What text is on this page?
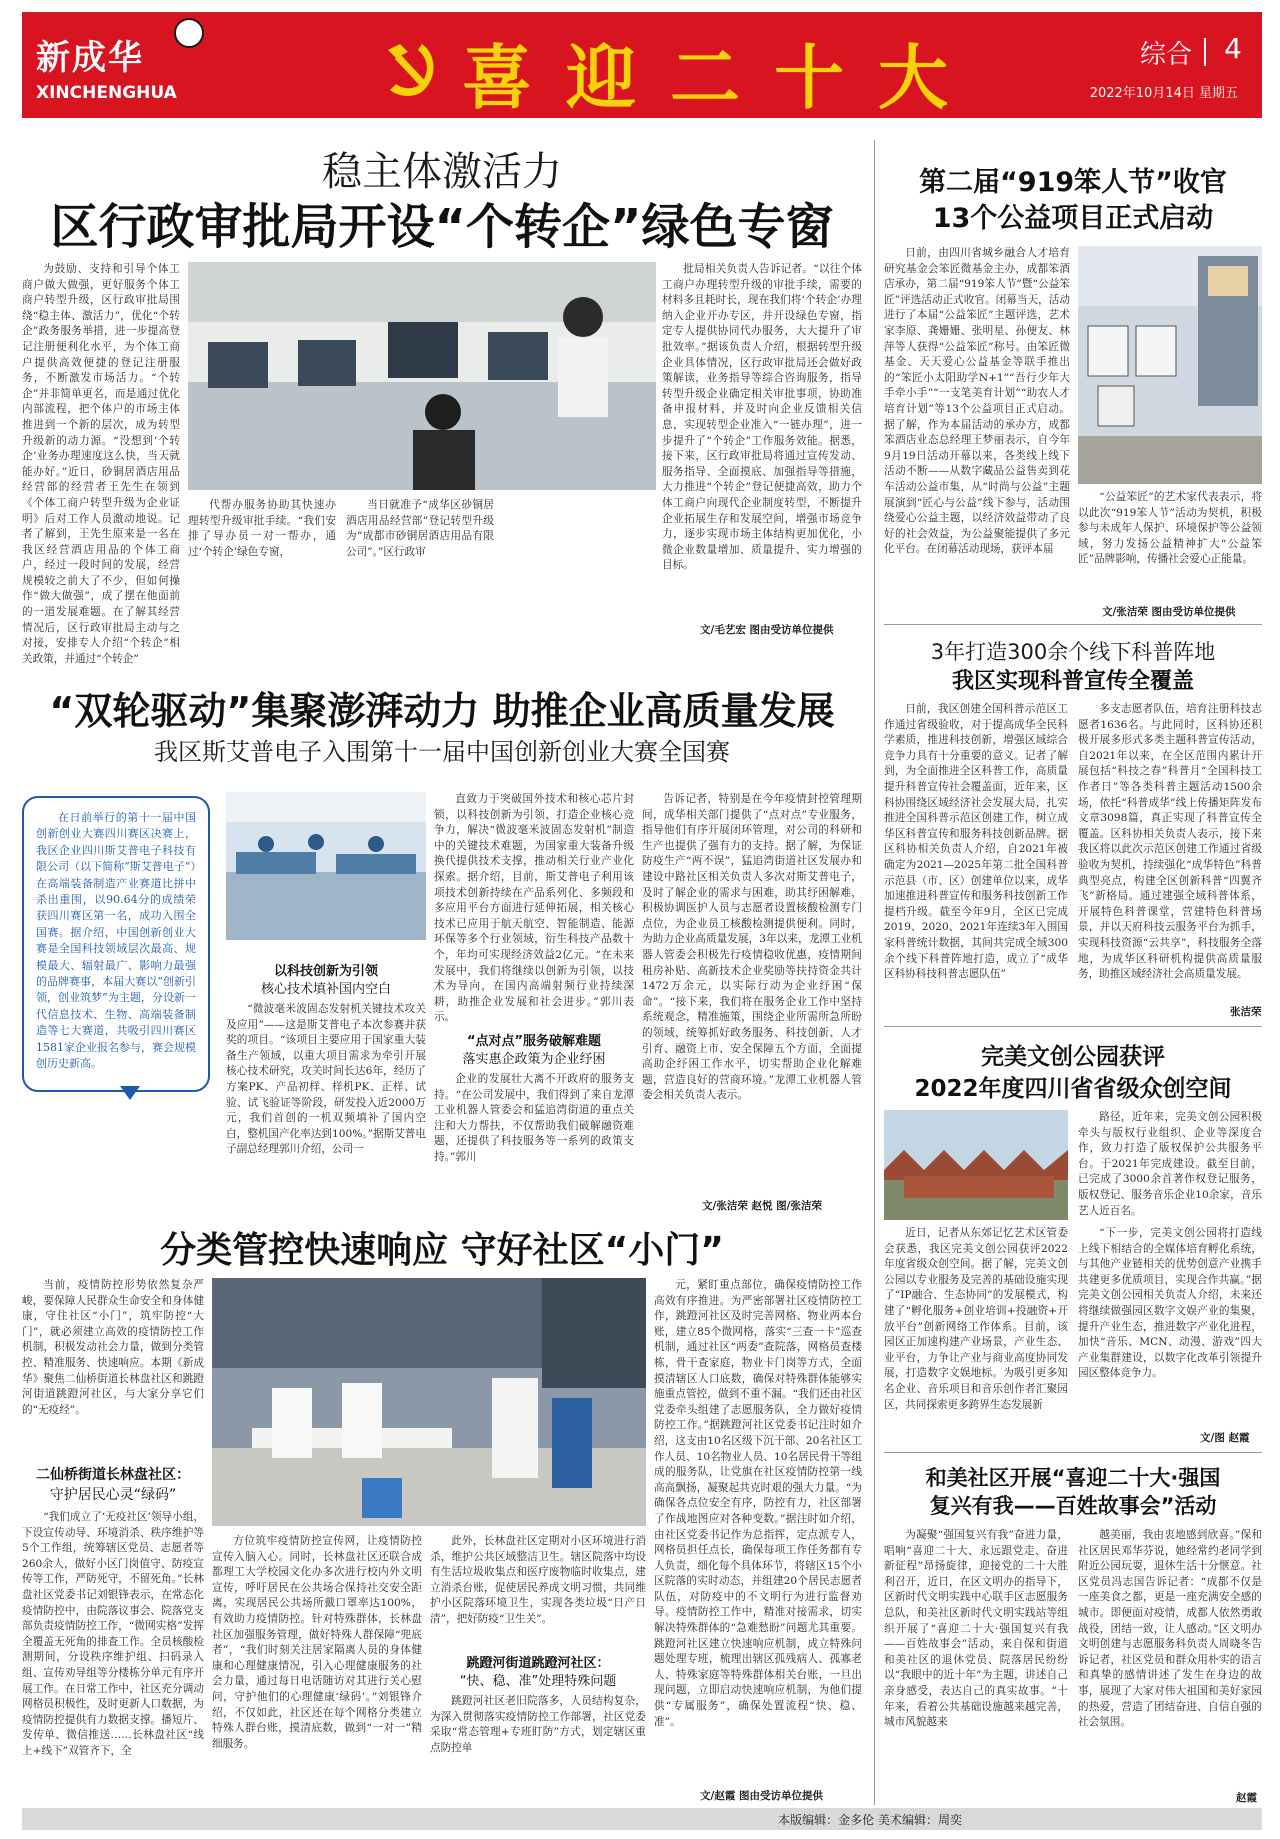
新成华
XINCHENGHUA	喜迎二十大	综合 4
2022年10月14日 星期五
稳主体激活力
区行政审批局开设“个转企”绿色专窗

为鼓励、支持和引导个体工商户做大做强，更好服务个体工商户转型升级，区行政审批局围绕“稳主体、激活力”，优化“个转企”政务服务举措，进一步提高登记注册便利化水平，为个体工商户提供高效便捷的登记注册服务，不断激发市场活力。“个转企”并非简单更名，而是通过优化内部流程，把个体户的市场主体推进到一个新的层次，成为转型升级新的动力源。“没想到‘个转企’业务办理速度这么快，当天就能办好。”近日，砂铜居酒店用品经营部的经营者王先生在领到《个体工商户转型升级为企业证明》后对工作人员激动地说。记者了解到，王先生原来是一名在我区经营酒店用品的个体工商户，经过一段时间的发展，经营规模较之前大了不少，但如何操作“做大做强”，成了摆在他面前的一道发展难题。在了解其经营情况后，区行政审批局主动与之对接，安排专人介绍“个转企”相关政策，并通过“个转企”

代帮办服务协助其快速办理转型升级审批手续。“我们安排了导办员一对一帮办，通过‘个转企’绿色专窗，

当日就准予“成华区砂铜居酒店用品经营部”登记转型升级为“成都市砂铜居酒店用品有限公司”。”区行政审

批局相关负责人告诉记者。“以往个体工商户办理转型升级的审批手续，需要的材料多且耗时长，现在我们将‘个转企’办理纳入企业开办专区，并开设绿色专窗，指定专人提供协同代办服务，大大提升了审批效率。”据该负责人介绍，根据转型升级企业具体情况，区行政审批局还会做好政策解读，业务指导等综合咨询服务，指导转型升级企业确定相关审批事项，协助准备申报材料，并及时向企业反馈相关信息，实现转型企业准入“一链办理”，进一步提升了“个转企”工作服务效能。据悉，接下来，区行政审批局将通过宣传发动、服务指导、全面摸底、加强指导等措施，大力推进“个转企”登记便捷高效，助力个体工商户向现代企业制度转型，不断提升企业拓展生存和发展空间，增强市场竞争力，逐步实现市场主体结构更加优化，小微企业数量增加、质量提升、实力增强的目标。

文/毛艺宏 图由受访单位提供
第二届“919笨人节”收官
13个公益项目正式启动

日前，由四川省城乡融合人才培育研究基金会笨匠微基金主办，成都笨酒店承办，第二届“919笨人节”暨“公益笨匠”评选活动正式收官。闭幕当天，活动进行了本届“公益笨匠”主题评选，艺术家李原、龚姗姗、张明星、孙便友、林萍等人获得“公益笨匠”称号。由笨匠微基金、天天爱心公益基金等联手推出的“笨匠小太阳助学N+1”“吾行少年大手牵小手”“一支笔美育计划”“助农人才培育计划”等13个公益项目正式启动。据了解，作为本届活动的承办方，成都笨酒店业态总经理王梦丽表示，自今年9月19日活动开幕以来，各类线上线下活动不断——从数字藏品公益售卖到花车活动公益市集，从“时尚与公益”主题展演到“匠心与公益”线下参与，活动围绕爱心公益主题，以经济效益带动了良好的社会效益，为公益聚能提供了多元化平台。在闭幕活动现场，获评本届

“公益笨匠”的艺术家代表表示，将以此次“919笨人节”活动为契机，积极参与未成年人保护、环境保护等公益领域，努力发扬公益精神扩大“公益笨匠”品牌影响，传播社会爱心正能量。

文/张洁荣 图由受访单位提供
3年打造300余个线下科普阵地
我区实现科普宣传全覆盖

日前，我区创建全国科普示范区工作通过省级验收，对于提高成华全民科学素质，推进科技创新，增强区域综合竞争力具有十分重要的意义。记者了解到，为全面推进全区科普工作，高质量提升科普宣传社会覆盖面，近年来，区科协围绕区域经济社会发展大局，扎实推进全国科普示范区创建工作，树立成华区科普宣传和服务科技创新品牌。据区科协相关负责人介绍，自2021年被确定为2021—2025年第二批全国科普示范县（市、区）创建单位以来，成华加速推进科普宣传和服务科技创新工作提档升级。截至今年9月，全区已完成2019、2020、2021年连续3年入围国家科普统计数据，其间共完成全域300余个线下科普阵地打造，成立了“成华区科协科技科普志愿队伍”

多支志愿者队伍，培育注册科技志愿者1636名。与此同时，区科协还积极开展多形式多类主题科普宣传活动，自2021年以来，在全区范围内累计开展包括“科技之春”科普月“全国科技工作者日”等各类科普主题活动1500余场，依托“科普成华”线上传播矩阵发布文章3098篇，真正实现了科普宣传全覆盖。区科协相关负责人表示，接下来我区将以此次示范区创建工作通过省级验收为契机，持续强化“成华特色”科普典型亮点，构建全区创新科普“四翼齐飞”新格局。通过建强全域科普体系，开展特色科普课堂，营建特色科普场景，并以天府科技云服务平台为抓手，实现科技资源“云共享”，科技服务全落地，为成华区科研机构提供高质量服务，助推区域经济社会高质量发展。

张洁荣
“双轮驱动”集聚澎湃动力 助推企业高质量发展
我区斯艾普电子入围第十一届中国创新创业大赛全国赛

在日前举行的第十一届中国创新创业大赛四川赛区决赛上，我区企业四川斯艾普电子科技有限公司（以下简称“斯艾普电子”）在高端装备制造产业赛道比拼中杀出重围，以90.64分的成绩荣获四川赛区第一名，成功入围全国赛。据介绍，中国创新创业大赛是全国科技领域层次最高、规模最大、辐射最广、影响力最强的品牌赛事，本届大赛以“创新引领，创业筑梦”为主题，分设新一代信息技术、生物、高端装备制造等七大赛道，共吸引四川赛区1581家企业报名参与，赛会规模创历史新高。

以科技创新为引领
核心技术填补国内空白

“微波毫米波固态发射机关键技术攻关及应用”——这是斯艾普电子本次参赛并获奖的项目。“该项目主要应用于国家重大装备生产领域，以重大项目需求为牵引开展核心技术研究，攻关时间长达6年，经历了方案PK、产品初样、样机PK、正样、试验、试飞验证等阶段，研发投入近2000万元，我们首创的一机双频填补了国内空白，整机国产化率达到100%。”据斯艾普电子副总经理郭川介绍，公司一

直致力于突破国外技术和核心芯片封锁，以科技创新为引领，打造企业核心竞争力，解决“微波毫米波固态发射机”制造中的关键技术难题，为国家重大装备升级换代提供技术支撑，推动相关行业产业化探索。据介绍，目前，斯艾普电子利用该项技术创新持续在产品系列化、多频段和多应用平台方面进行延伸拓展，相关核心技术已应用于航天航空、智能制造、能源环保等多个行业领域，衍生科技产品数十个，年均可实现经济效益2亿元。“在未来发展中，我们将继续以创新为引领，以技术为导向，在国内高端射频行业持续深耕，助推企业发展和社会进步。”郭川表示。

“点对点”服务破解难题
落实惠企政策为企业纾困

企业的发展壮大离不开政府的服务支持。“在公司发展中，我们得到了来自龙潭工业机器人管委会和猛追湾街道的重点关注和大力帮扶，不仅帮助我们破解融资难题，还提供了科技服务等一系列的政策支持。”郭川

告诉记者，特别是在今年疫情封控管理期间，成华相关部门提供了“点对点”专业服务，指导他们有序开展闭环管理，对公司的科研和生产也提供了强有力的支持。据了解，为保证防疫生产“两不误”，猛追湾街道社区发展办和建设中路社区相关负责人多次对斯艾普电子，及时了解企业的需求与困难，助其纾困解难，积极协调医护人员与志愿者设置核酸检测专门点位，为企业员工核酸检测提供便利。同时，为助力企业高质量发展，3年以来，龙潭工业机器人管委会积极先行疫情稳收优惠，疫情期间租房补贴、高新技术企业奖励等扶持资金共计1472万余元，以实际行动为企业纾困“保命”。“接下来，我们将在服务企业工作中坚持系统观念，精准施策，围绕企业所需所急所盼的领域，统筹抓好政务服务、科技创新、人才引育、融资上市、安全保障五个方面，全面提高助企纾困工作水平，切实帮助企业化解难题，营造良好的营商环境。”龙潭工业机器人管委会相关负责人表示。

文/张洁荣 赵悦 图/张洁荣
完美文创公园获评
2022年度四川省省级众创空间

路径，近年来，完美文创公园积极牵头与版权行业组织、企业等深度合作，致力打造了版权保护公共服务平台。于2021年完成建设。截至目前，已完成了3000余首著作权登记服务，版权登记、服务音乐企业10余家，音乐艺人近百名。

近日，记者从东郊记忆艺术区管委会获悉，我区完美文创公园获评2022年度省级众创空间。据了解，完美文创公园以专业服务及完善的基础设施实现了“IP融合、生态协同”的发展模式，构建了“孵化服务+创业培训+投融资+开放平台”创新网络工作体系。目前，该园区正加速构建产业场景，产业生态、业平台，力争让产业与商业高度协同发展，打造数字文娱地标。为吸引更多知名企业、音乐项目和音乐创作者汇聚园区，共同探索更多跨界生态发展新

“下一步，完美文创公园将打造线上线下相结合的全媒体培育孵化系统，与其他产业链相关的优势创意产业携手共建更多优质项目，实现合作共赢。”据完美文创公园相关负责人介绍，未来还将继续做强园区数字文娱产业的集聚，提升产业生态，推进数字产业化进程，加快“音乐、MCN、动漫、游戏”四大产业集群建设，以数字化改革引领提升园区整体竞争力。

文/图 赵霞
分类管控快速响应 守好社区“小门”

当前，疫情防控形势依然复杂严峻，要保障人民群众生命安全和身体健康，守住社区“小门”，筑牢防控“大门”，就必须建立高效的疫情防控工作机制，积极发动社会力量，做到分类管控、精准服务、快速响应。本期《新成华》聚焦二仙桥街道长林盘社区和跳蹬河街道跳蹬河社区，与大家分享它们的“无疫经”。

二仙桥街道长林盘社区：
守护居民心灵“绿码”

“我们成立了‘无疫社区’领导小组，下设宣传动导、环境消杀、秩序维护等5个工作组，统筹辖区党员、志愿者等260余人，做好小区门岗值守、防疫宣传等工作，严防死守，不留死角。”长林盘社区党委书记刘银锋表示，在常态化疫情防控中，由院落议事会、院落党支部负责疫情防控工作，“微网实格”发挥全覆盖无死角的排查工作。全员核酸检测期间，分设秩序维护组、扫码录入组、宣传劝导组等分楼栋分单元有序开展工作。在日常工作中，社区充分调动网格员积极性，及时更新人口数据，为疫情防控提供有力数据支撑。播短片、发传单、微信推送……长林盘社区“线上+线下”双管齐下，全

方位筑牢疫情防控宣传网，让疫情防控宣传入脑入心。同时，长林盘社区还联合成都理工大学校园文化办多次进行校内外文明宣传，呼吁居民在公共场合保持社交安全距离，实现居民公共场所戴口罩率达100%，有效助力疫情防控。针对特殊群体，长林盘社区加强服务管理，做好特殊人群保障“兜底者”，“我们时刻关注居家隔离人员的身体健康和心理健康情况，引入心理健康服务的社会力量，通过每日电话随访对其进行关心慰问，守护他们的心理健康‘绿码’。”刘银锋介绍，不仅如此，社区还在每个网格分类建立特殊人群台账，摸清底数，做到“一对一”精细服务。

此外，长林盘社区定期对小区环境进行消杀，维护公共区域整洁卫生。辖区院落中均设有生活垃圾收集点和医疗废物临时收集点，建立消杀台账，促使居民养成文明习惯，共同维护小区院落环境卫生，实现各类垃圾“日产日清”，把好防疫“卫生关”。

跳蹬河街道跳蹬河社区：
“快、稳、准”处理特殊问题

跳蹬河社区老旧院落多，人员结构复杂，为深入贯彻落实疫情防控工作部署，社区党委采取“常态管理+专班盯防”方式，划定辖区重点防控单

元，紧盯重点部位，确保疫情防控工作高效有序推进。为严密部署社区疫情防控工作，跳蹬河社区及时完善网格、物业两本台账，建立85个微网格，落实“三查一卡”巡查机制，通过社区“两委”查院落，网格员查楼栋，骨干查家庭，物业卡门岗等方式，全面摸清辖区人口底数，确保对特殊群体能够实施重点管控，做到不重不漏。“我们还由社区党委牵头组建了志愿服务队，全力做好疫情防控工作。”据跳蹬河社区党委书记注时如介绍，这支由10名区级下沉干部、20名社区工作人员、10名物业人员、10名居民骨干等组成的服务队，让党旗在社区疫情防控第一线高高飘扬，凝聚起共克时艰的强大力量。“为确保各点位安全有序，防控有力，社区部署了作战地图应对各种变数。”据注时如介绍，由社区党委书记作为总指挥，定点派专人，网格员担任点长，确保每项工作任务都有专人负责，细化每个具体环节，将辖区15个小区院落的实时动态，并组建20个居民志愿者队伍，对防疫中的不文明行为进行监督劝导。疫情防控工作中，精准对接需求，切实解决特殊群体的“急难愁盼”问题尤其重要。跳蹬河社区建立快速响应机制，成立特殊问题处理专班，梳理出辖区孤残病人、孤寡老人、特殊家庭等特殊群体相关台账，一旦出现问题，立即启动快速响应机制，为他们提供“专属服务”，确保处置流程“快、稳、准”。

文/赵霞 图由受访单位提供
和美社区开展“喜迎二十大·强国
复兴有我——百姓故事会”活动

为凝聚“强国复兴有我”奋进力量，唱响“喜迎二十大、永远跟党走、奋进新征程”昂扬旋律，迎接党的二十大胜利召开，近日，在区文明办的指导下，区新时代文明实践中心联手区志愿服务总队，和美社区新时代文明实践站等组织开展了“喜迎二十大·强国复兴有我——百姓故事会”活动，来自保和街道和美社区的退休党员、院落居民纷纷以“我眼中的近十年”为主题，讲述自己亲身感受，表达自己的真实故事。“十年来，看着公共基础设施越来越完善，城市风貌越来

越美丽，我由衷地感到欣喜。”保和社区居民邓华芬说，她经常约老同学到附近公园玩耍，退休生活十分惬意。社区党员冯志国告诉记者：“成都不仅是一座美食之都，更是一座充满安全感的城市。即便面对疫情，成都人依然勇敢战役，团结一致，让人感动。”区文明办文明创建与志愿服务科负责人周晓冬告诉记者，社区党员和群众用朴实的语言和真挚的感情讲述了发生在身边的故事，展现了大家对伟大祖国和美好家园的热爱，营造了团结奋进、自信自强的社会氛围。

赵霞
本版编辑：金多伦 美术编辑：周奕
